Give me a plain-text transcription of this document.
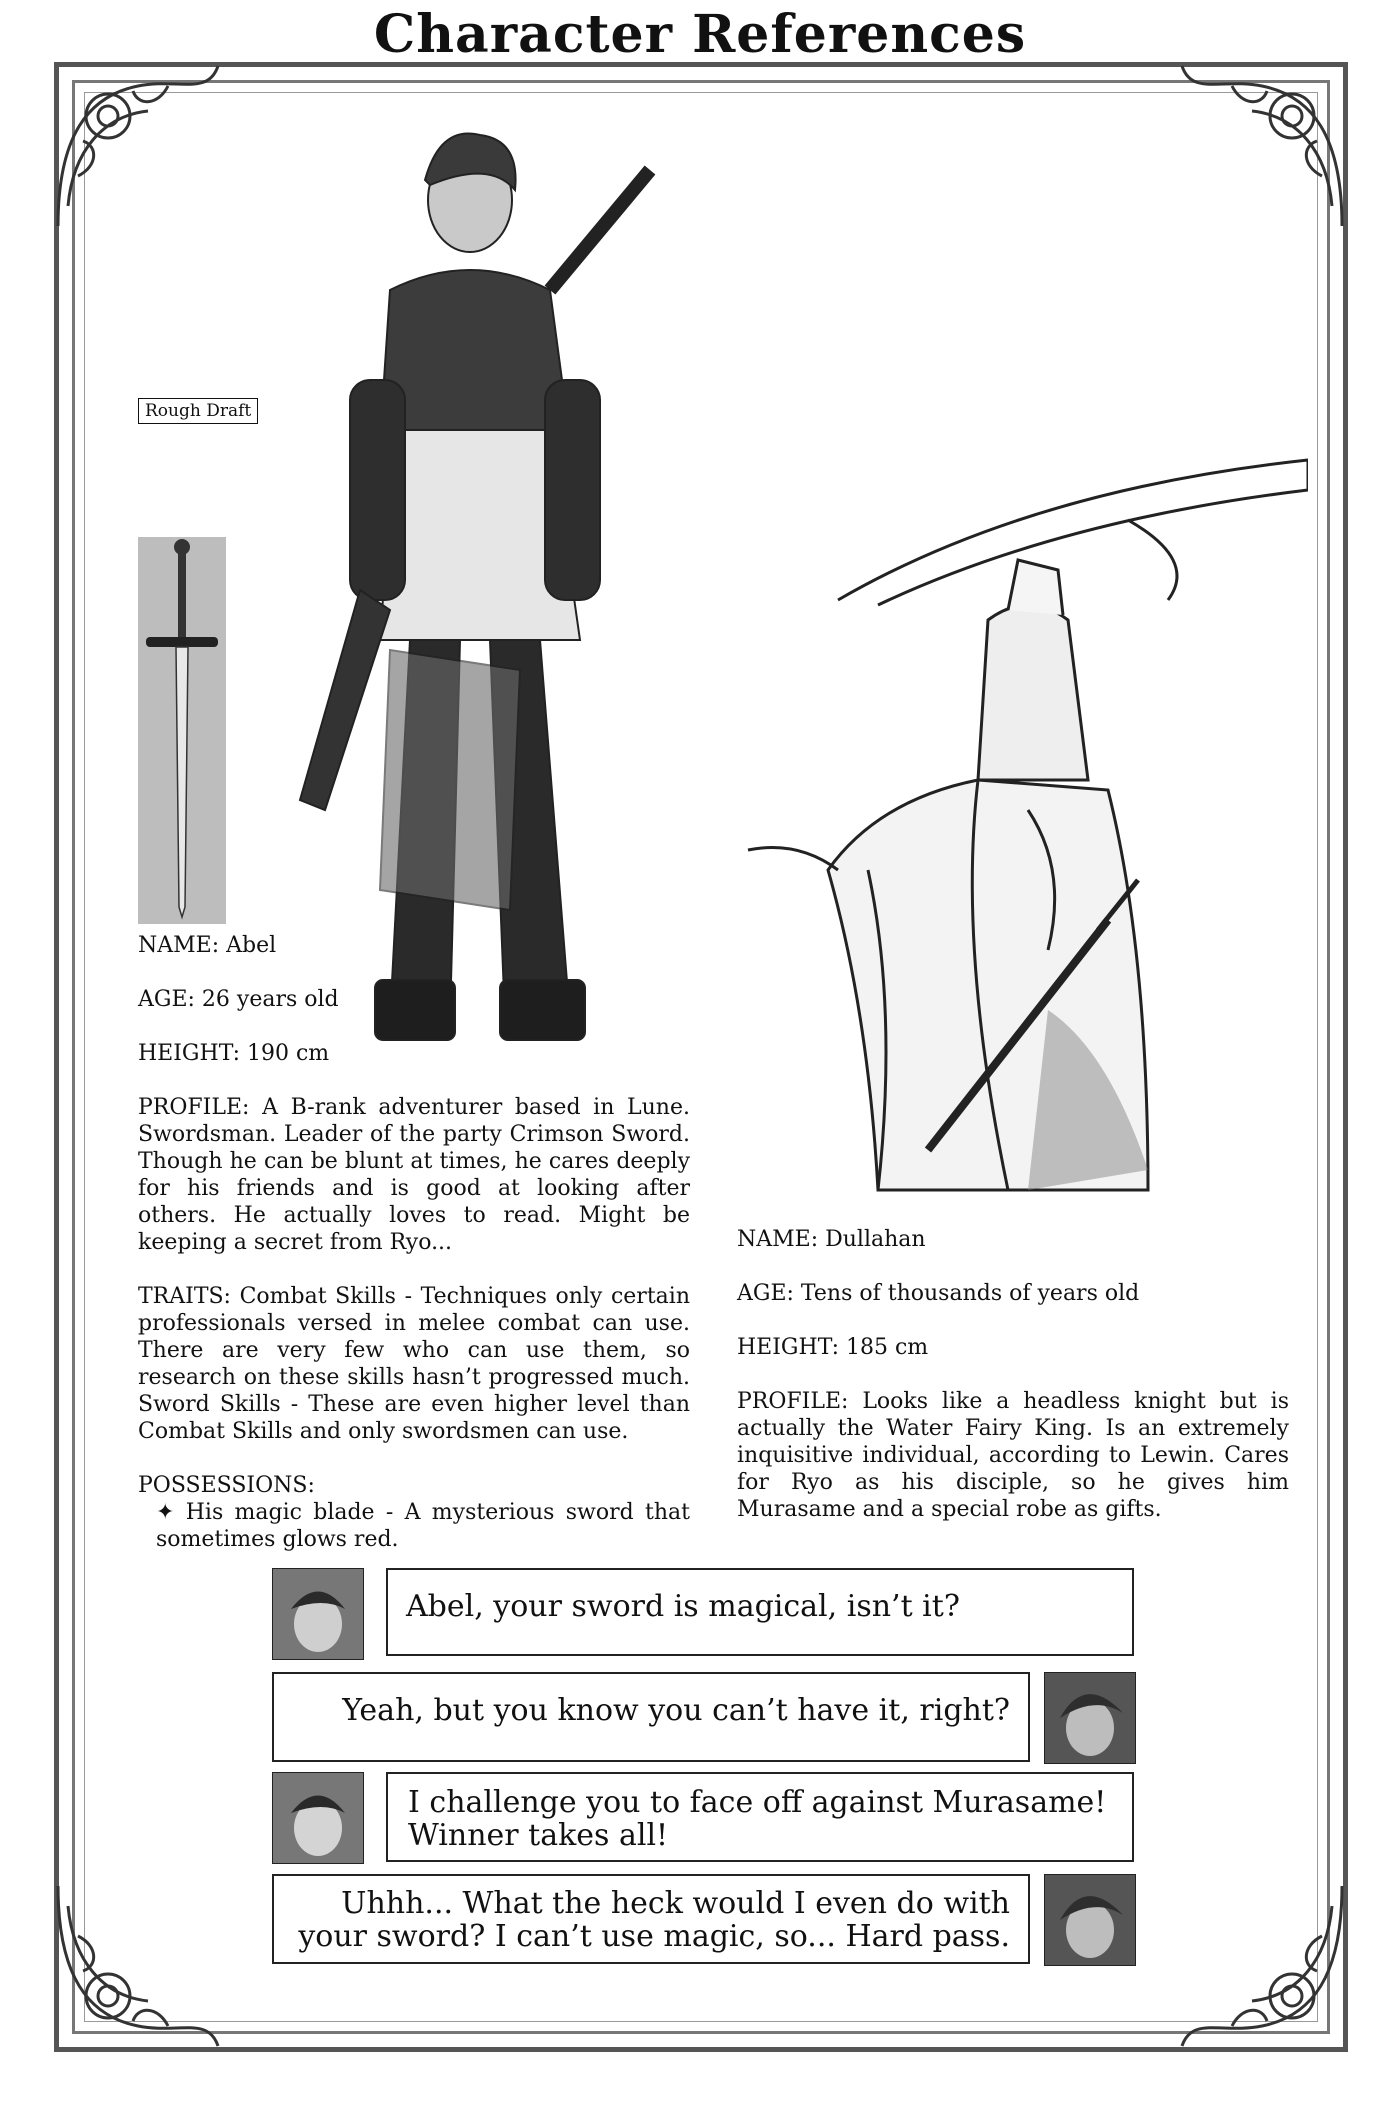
Character References
Rough Draft
NAME: Abel
AGE: 26 years old
HEIGHT: 190 cm
PROFILE: A B-rank adventurer based in Lune. Swordsman. Leader of the party Crimson Sword. Though he can be blunt at times, he cares deeply for his friends and is good at looking after others. He actually loves to read. Might be keeping a secret from Ryo...
TRAITS: Combat Skills - Techniques only certain professionals versed in melee combat can use. There are very few who can use them, so research on these skills hasn’t progressed much. Sword Skills - These are even higher level than Combat Skills and only swordsmen can use.
POSSESSIONS:
✦ His magic blade - A mysterious sword that sometimes glows red.
NAME: Dullahan
AGE: Tens of thousands of years old
HEIGHT: 185 cm
PROFILE: Looks like a headless knight but is actually the Water Fairy King. Is an extremely inquisitive individual, according to Lewin. Cares for Ryo as his disciple, so he gives him Murasame and a special robe as gifts.
Abel, your sword is magical, isn’t it?
Yeah, but you know you can’t have it, right?
I challenge you to face off against Murasame! Winner takes all!
Uhhh... What the heck would I even do with your sword? I can’t use magic, so... Hard pass.
